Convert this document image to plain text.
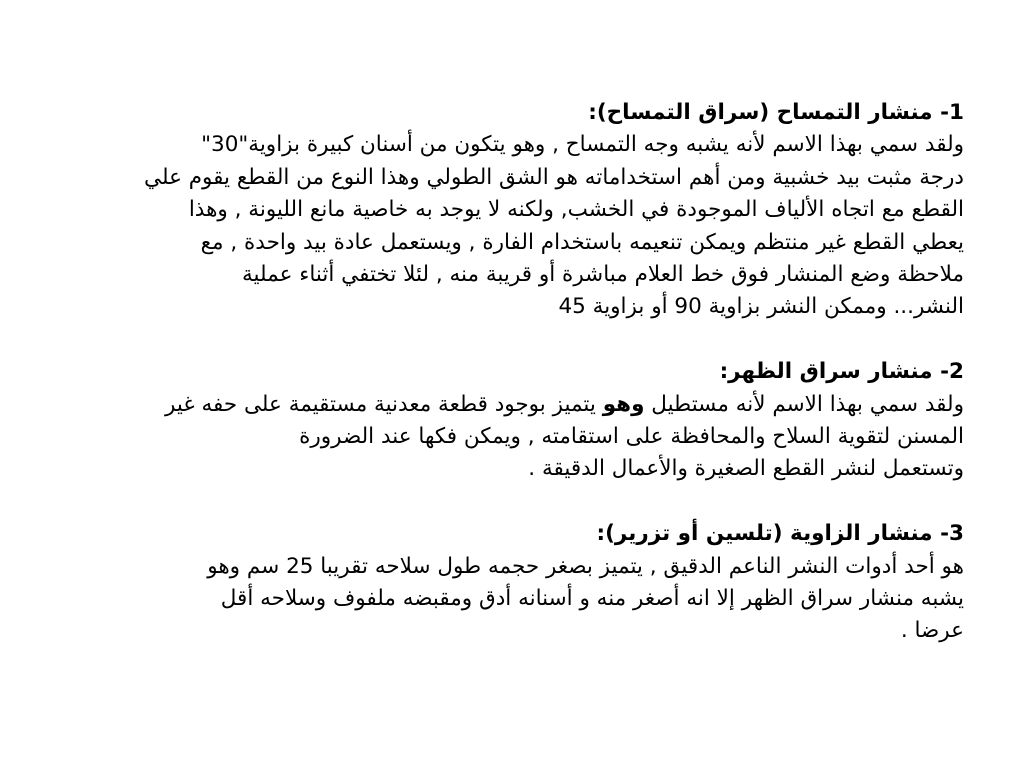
1- منشار التمساح (سراق التمساح):
ولقد سمي بهذا الاسم لأنه يشبه وجه التمساح , وهو يتكون من أسنان كبيرة بزاوية"30"
درجة مثبت بيد خشبية ومن أهم استخداماته هو الشق الطولي وهذا النوع من القطع يقوم علي
القطع مع اتجاه الألياف الموجودة في الخشب, ولكنه لا يوجد به خاصية مانع الليونة , وهذا
يعطي القطع غير منتظم ويمكن تنعيمه باستخدام الفارة , ويستعمل عادة بيد واحدة , مع
ملاحظة وضع المنشار فوق خط العلام مباشرة أو قريبة منه , لئلا تختفي أثناء عملية
النشر... وممكن النشر بزاوية 90 أو بزاوية 45
2- منشار سراق الظهر:
ولقد سمي بهذا الاسم لأنه مستطيل وهو يتميز بوجود قطعة معدنية مستقيمة على حفه غير
المسنن لتقوية السلاح والمحافظة على استقامته , ويمكن فكها عند الضرورة
وتستعمل لنشر القطع الصغيرة والأعمال الدقيقة .
3- منشار الزاوية (تلسين أو تزرير):
هو أحد أدوات النشر الناعم الدقيق , يتميز بصغر حجمه طول سلاحه تقريبا 25 سم وهو
يشبه منشار سراق الظهر إلا انه أصغر منه و أسنانه أدق ومقبضه ملفوف وسلاحه أقل
عرضا .
